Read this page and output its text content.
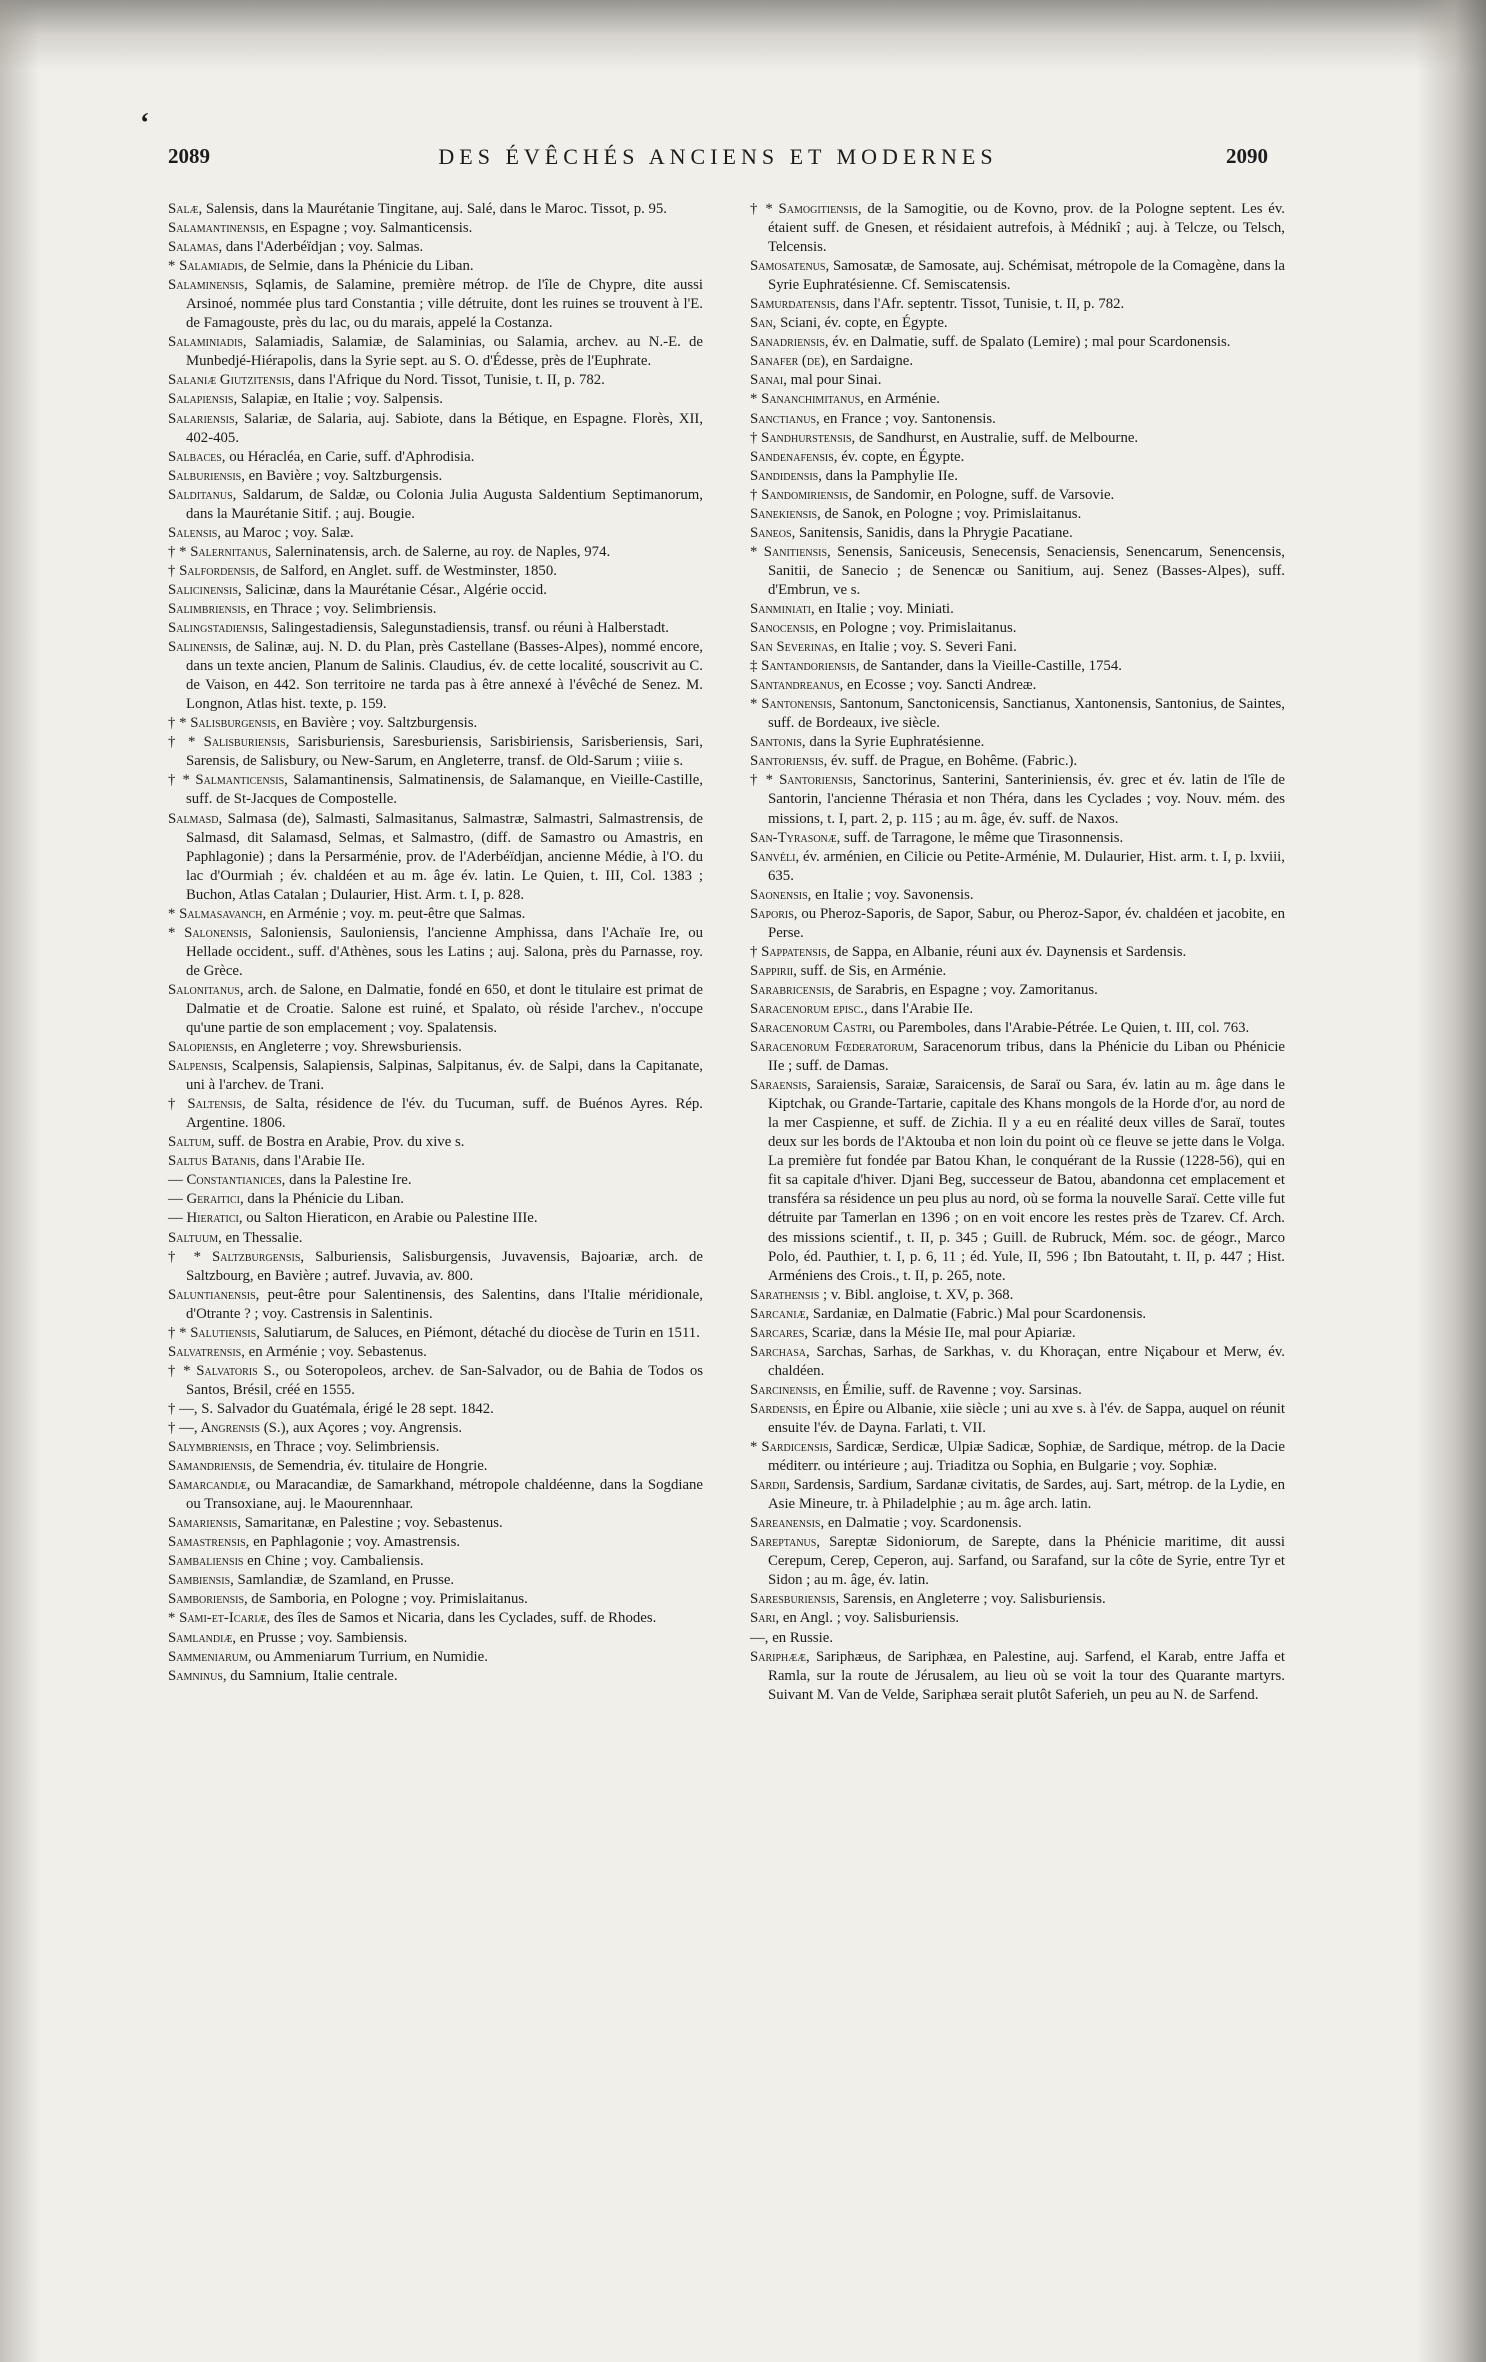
‘
2089	DES ÉVÊCHÉS ANCIENS ET MODERNES	2090

Salæ, Salensis, dans la Maurétanie Tingitane, auj. Salé, dans le Maroc. Tissot, p. 95.

Salamantinensis, en Espagne ; voy. Salmanticensis.

Salamas, dans l'Aderbéïdjan ; voy. Salmas.

* Salamiadis, de Selmie, dans la Phénicie du Liban.

Salaminensis, Sqlamis, de Salamine, première métrop. de l'île de Chypre, dite aussi Arsinoé, nommée plus tard Constantia ; ville détruite, dont les ruines se trouvent à l'E. de Famagouste, près du lac, ou du marais, appelé la Costanza.

Salaminiadis, Salamiadis, Salamiæ, de Salaminias, ou Salamia, archev. au N.-E. de Munbedjé-Hiérapolis, dans la Syrie sept. au S. O. d'Édesse, près de l'Euphrate.

Salaniæ Giutzitensis, dans l'Afrique du Nord. Tissot, Tunisie, t. II, p. 782.

Salapiensis, Salapiæ, en Italie ; voy. Salpensis.

Salariensis, Salariæ, de Salaria, auj. Sabiote, dans la Bétique, en Espagne. Florès, XII, 402-405.

Salbaces, ou Héracléa, en Carie, suff. d'Aphrodisia.

Salburiensis, en Bavière ; voy. Saltzburgensis.

Salditanus, Saldarum, de Saldæ, ou Colonia Julia Augusta Saldentium Septimanorum, dans la Maurétanie Sitif. ; auj. Bougie.

Salensis, au Maroc ; voy. Salæ.

† * Salernitanus, Salerninatensis, arch. de Salerne, au roy. de Naples, 974.

† Salfordensis, de Salford, en Anglet. suff. de Westminster, 1850.

Salicinensis, Salicinæ, dans la Maurétanie César., Algérie occid.

Salimbriensis, en Thrace ; voy. Selimbriensis.

Salingstadiensis, Salingestadiensis, Salegunstadiensis, transf. ou réuni à Halberstadt.

Salinensis, de Salinæ, auj. N. D. du Plan, près Castellane (Basses-Alpes), nommé encore, dans un texte ancien, Planum de Salinis. Claudius, év. de cette localité, souscrivit au C. de Vaison, en 442. Son territoire ne tarda pas à être annexé à l'évêché de Senez. M. Longnon, Atlas hist. texte, p. 159.

† * Salisburgensis, en Bavière ; voy. Saltzburgensis.

† * Salisburiensis, Sarisburiensis, Saresburiensis, Sarisbiriensis, Sarisberiensis, Sari, Sarensis, de Salisbury, ou New-Sarum, en Angleterre, transf. de Old-Sarum ; viiie s.

† * Salmanticensis, Salamantinensis, Salmatinensis, de Salamanque, en Vieille-Castille, suff. de St-Jacques de Compostelle.

Salmasd, Salmasa (de), Salmasti, Salmasitanus, Salmastræ, Salmastri, Salmastrensis, de Salmasd, dit Salamasd, Selmas, et Salmastro, (diff. de Samastro ou Amastris, en Paphlagonie) ; dans la Persarménie, prov. de l'Aderbéïdjan, ancienne Médie, à l'O. du lac d'Ourmiah ; év. chaldéen et au m. âge év. latin. Le Quien, t. III, Col. 1383 ; Buchon, Atlas Catalan ; Dulaurier, Hist. Arm. t. I, p. 828.

* Salmasavanch, en Arménie ; voy. m. peut-être que Salmas.

* Salonensis, Saloniensis, Sauloniensis, l'ancienne Amphissa, dans l'Achaïe Ire, ou Hellade occident., suff. d'Athènes, sous les Latins ; auj. Salona, près du Parnasse, roy. de Grèce.

Salonitanus, arch. de Salone, en Dalmatie, fondé en 650, et dont le titulaire est primat de Dalmatie et de Croatie. Salone est ruiné, et Spalato, où réside l'archev., n'occupe qu'une partie de son emplacement ; voy. Spalatensis.

Salopiensis, en Angleterre ; voy. Shrewsburiensis.

Salpensis, Scalpensis, Salapiensis, Salpinas, Salpitanus, év. de Salpi, dans la Capitanate, uni à l'archev. de Trani.

† Saltensis, de Salta, résidence de l'év. du Tucuman, suff. de Buénos Ayres. Rép. Argentine. 1806.

Saltum, suff. de Bostra en Arabie, Prov. du xive s.

Saltus Batanis, dans l'Arabie IIe.

— Constantianices, dans la Palestine Ire.

— Geraitici, dans la Phénicie du Liban.

— Hieratici, ou Salton Hieraticon, en Arabie ou Palestine IIIe.

Saltuum, en Thessalie.

† * Saltzburgensis, Salburiensis, Salisburgensis, Juvavensis, Bajoariæ, arch. de Saltzbourg, en Bavière ; autref. Juvavia, av. 800.

Saluntianensis, peut-être pour Salentinensis, des Salentins, dans l'Italie méridionale, d'Otrante ? ; voy. Castrensis in Salentinis.

† * Salutiensis, Salutiarum, de Saluces, en Piémont, détaché du diocèse de Turin en 1511.

Salvatrensis, en Arménie ; voy. Sebastenus.

† * Salvatoris S., ou Soteropoleos, archev. de San-Salvador, ou de Bahia de Todos os Santos, Brésil, créé en 1555.

† —, S. Salvador du Guatémala, érigé le 28 sept. 1842.

† —, Angrensis (S.), aux Açores ; voy. Angrensis.

Salymbriensis, en Thrace ; voy. Selimbriensis.

Samandriensis, de Semendria, év. titulaire de Hongrie.

Samarcandiæ, ou Maracandiæ, de Samarkhand, métropole chaldéenne, dans la Sogdiane ou Transoxiane, auj. le Maourennhaar.

Samariensis, Samaritanæ, en Palestine ; voy. Sebastenus.

Samastrensis, en Paphlagonie ; voy. Amastrensis.

Sambaliensis en Chine ; voy. Cambaliensis.

Sambiensis, Samlandiæ, de Szamland, en Prusse.

Samboriensis, de Samboria, en Pologne ; voy. Primislaitanus.

* Sami-et-Icariæ, des îles de Samos et Nicaria, dans les Cyclades, suff. de Rhodes.

Samlandiæ, en Prusse ; voy. Sambiensis.

Sammeniarum, ou Ammeniarum Turrium, en Numidie.

Samninus, du Samnium, Italie centrale.

† * Samogitiensis, de la Samogitie, ou de Kovno, prov. de la Pologne septent. Les év. étaient suff. de Gnesen, et résidaient autrefois, à Médnikî ; auj. à Telcze, ou Telsch, Telcensis.

Samosatenus, Samosatæ, de Samosate, auj. Schémisat, métropole de la Comagène, dans la Syrie Euphratésienne. Cf. Semiscatensis.

Samurdatensis, dans l'Afr. septentr. Tissot, Tunisie, t. II, p. 782.

San, Sciani, év. copte, en Égypte.

Sanadriensis, év. en Dalmatie, suff. de Spalato (Lemire) ; mal pour Scardonensis.

Sanafer (de), en Sardaigne.

Sanai, mal pour Sinai.

* Sananchimitanus, en Arménie.

Sanctianus, en France ; voy. Santonensis.

† Sandhurstensis, de Sandhurst, en Australie, suff. de Melbourne.

Sandenafensis, év. copte, en Égypte.

Sandidensis, dans la Pamphylie IIe.

† Sandomiriensis, de Sandomir, en Pologne, suff. de Varsovie.

Sanekiensis, de Sanok, en Pologne ; voy. Primislaitanus.

Saneos, Sanitensis, Sanidis, dans la Phrygie Pacatiane.

* Sanitiensis, Senensis, Saniceusis, Senecensis, Senaciensis, Senencarum, Senencensis, Sanitii, de Sanecio ; de Senencæ ou Sanitium, auj. Senez (Basses-Alpes), suff. d'Embrun, ve s.

Sanminiati, en Italie ; voy. Miniati.

Sanocensis, en Pologne ; voy. Primislaitanus.

San Severinas, en Italie ; voy. S. Severi Fani.

‡ Santandoriensis, de Santander, dans la Vieille-Castille, 1754.

Santandreanus, en Ecosse ; voy. Sancti Andreæ.

* Santonensis, Santonum, Sanctonicensis, Sanctianus, Xantonensis, Santonius, de Saintes, suff. de Bordeaux, ive siècle.

Santonis, dans la Syrie Euphratésienne.

Santoriensis, év. suff. de Prague, en Bohême. (Fabric.).

† * Santoriensis, Sanctorinus, Santerini, Santeriniensis, év. grec et év. latin de l'île de Santorin, l'ancienne Thérasia et non Théra, dans les Cyclades ; voy. Nouv. mém. des missions, t. I, part. 2, p. 115 ; au m. âge, év. suff. de Naxos.

San-Tyrasonæ, suff. de Tarragone, le même que Tirasonnensis.

Sanvéli, év. arménien, en Cilicie ou Petite-Arménie, M. Dulaurier, Hist. arm. t. I, p. lxviii, 635.

Saonensis, en Italie ; voy. Savonensis.

Saporis, ou Pheroz-Saporis, de Sapor, Sabur, ou Pheroz-Sapor, év. chaldéen et jacobite, en Perse.

† Sappatensis, de Sappa, en Albanie, réuni aux év. Daynensis et Sardensis.

Sappirii, suff. de Sis, en Arménie.

Sarabricensis, de Sarabris, en Espagne ; voy. Zamoritanus.

Saracenorum episc., dans l'Arabie IIe.

Saracenorum Castri, ou Paremboles, dans l'Arabie-Pétrée. Le Quien, t. III, col. 763.

Saracenorum Fœderatorum, Saracenorum tribus, dans la Phénicie du Liban ou Phénicie IIe ; suff. de Damas.

Saraensis, Saraiensis, Saraiæ, Saraicensis, de Saraï ou Sara, év. latin au m. âge dans le Kiptchak, ou Grande-Tartarie, capitale des Khans mongols de la Horde d'or, au nord de la mer Caspienne, et suff. de Zichia. Il y a eu en réalité deux villes de Saraï, toutes deux sur les bords de l'Aktouba et non loin du point où ce fleuve se jette dans le Volga. La première fut fondée par Batou Khan, le conquérant de la Russie (1228-56), qui en fit sa capitale d'hiver. Djani Beg, successeur de Batou, abandonna cet emplacement et transféra sa résidence un peu plus au nord, où se forma la nouvelle Saraï. Cette ville fut détruite par Tamerlan en 1396 ; on en voit encore les restes près de Tzarev. Cf. Arch. des missions scientif., t. II, p. 345 ; Guill. de Rubruck, Mém. soc. de géogr., Marco Polo, éd. Pauthier, t. I, p. 6, 11 ; éd. Yule, II, 596 ; Ibn Batoutaht, t. II, p. 447 ; Hist. Arméniens des Crois., t. II, p. 265, note.

Sarathensis ; v. Bibl. angloise, t. XV, p. 368.

Sarcaniæ, Sardaniæ, en Dalmatie (Fabric.) Mal pour Scardonensis.

Sarcares, Scariæ, dans la Mésie IIe, mal pour Apiariæ.

Sarchasa, Sarchas, Sarhas, de Sarkhas, v. du Khoraçan, entre Niçabour et Merw, év. chaldéen.

Sarcinensis, en Émilie, suff. de Ravenne ; voy. Sarsinas.

Sardensis, en Épire ou Albanie, xiie siècle ; uni au xve s. à l'év. de Sappa, auquel on réunit ensuite l'év. de Dayna. Farlati, t. VII.

* Sardicensis, Sardicæ, Serdicæ, Ulpiæ Sadicæ, Sophiæ, de Sardique, métrop. de la Dacie méditerr. ou intérieure ; auj. Triaditza ou Sophia, en Bulgarie ; voy. Sophiæ.

Sardii, Sardensis, Sardium, Sardanæ civitatis, de Sardes, auj. Sart, métrop. de la Lydie, en Asie Mineure, tr. à Philadelphie ; au m. âge arch. latin.

Sareanensis, en Dalmatie ; voy. Scardonensis.

Sareptanus, Sareptæ Sidoniorum, de Sarepte, dans la Phénicie maritime, dit aussi Cerepum, Cerep, Ceperon, auj. Sarfand, ou Sarafand, sur la côte de Syrie, entre Tyr et Sidon ; au m. âge, év. latin.

Saresburiensis, Sarensis, en Angleterre ; voy. Salisburiensis.

Sari, en Angl. ; voy. Salisburiensis.

—, en Russie.

Sariphææ, Sariphæus, de Sariphæa, en Palestine, auj. Sarfend, el Karab, entre Jaffa et Ramla, sur la route de Jérusalem, au lieu où se voit la tour des Quarante martyrs. Suivant M. Van de Velde, Sariphæa serait plutôt Saferieh, un peu au N. de Sarfend.
